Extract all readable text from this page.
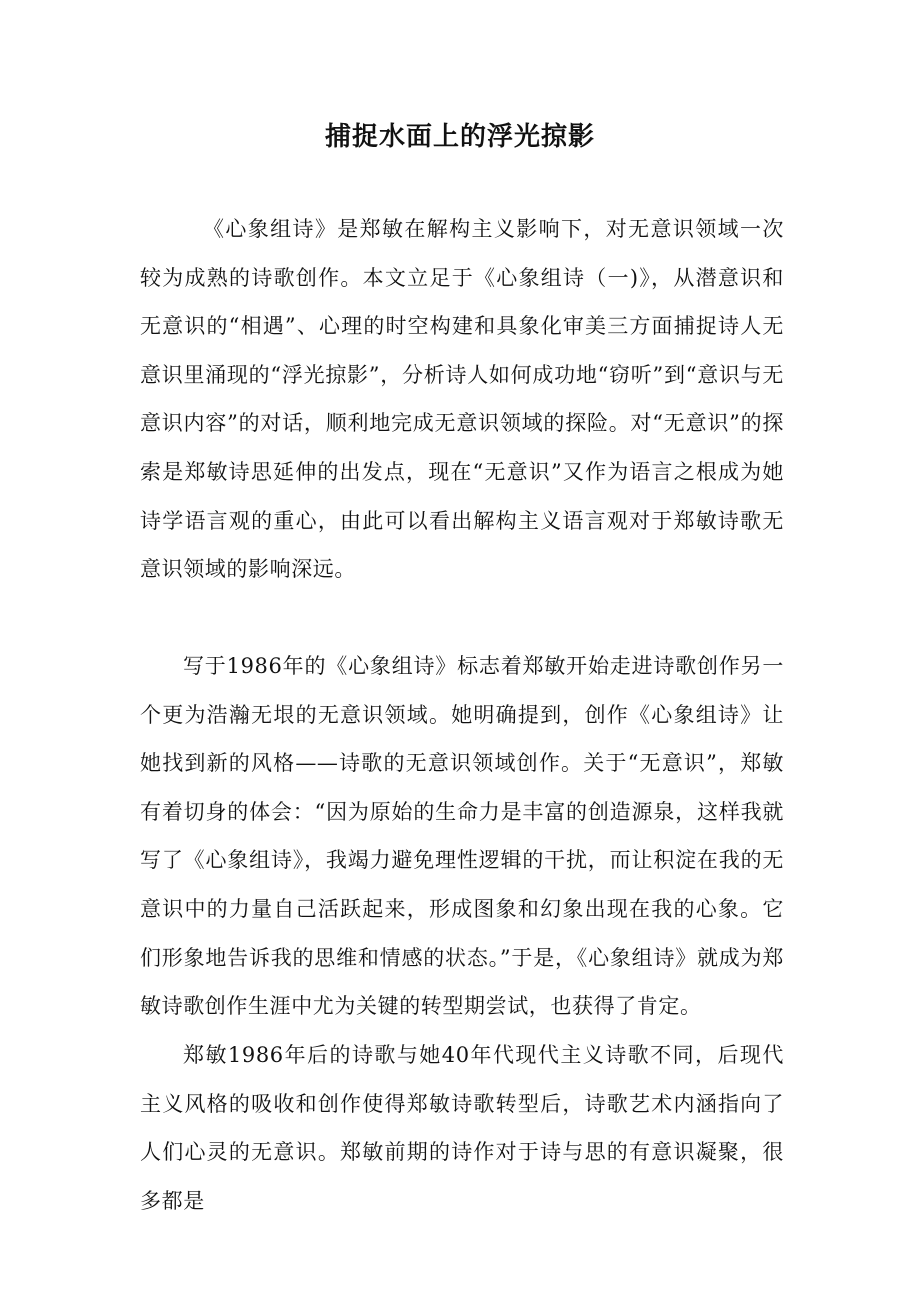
捕捉水面上的浮光掠影

《心象组诗》是郑敏在解构主义影响下，对无意识领域一次较为成熟的诗歌创作。本文立足于《心象组诗（一)》，从潜意识和无意识的“相遇”、心理的时空构建和具象化审美三方面捕捉诗人无意识里涌现的“浮光掠影”，分析诗人如何成功地“窃听”到“意识与无意识内容”的对话，顺利地完成无意识领域的探险。对“无意识”的探索是郑敏诗思延伸的出发点，现在“无意识”又作为语言之根成为她诗学语言观的重心，由此可以看出解构主义语言观对于郑敏诗歌无意识领域的影响深远。

写于1986年的《心象组诗》标志着郑敏开始走进诗歌创作另一个更为浩瀚无垠的无意识领域。她明确提到，创作《心象组诗》让她找到新的风格——诗歌的无意识领域创作。关于“无意识”，郑敏有着切身的体会：“因为原始的生命力是丰富的创造源泉，这样我就写了《心象组诗》，我竭力避免理性逻辑的干扰，而让积淀在我的无意识中的力量自己活跃起来，形成图象和幻象出现在我的心象。它们形象地告诉我的思维和情感的状态。”于是，《心象组诗》就成为郑敏诗歌创作生涯中尤为关键的转型期尝试，也获得了肯定。

郑敏1986年后的诗歌与她40年代现代主义诗歌不同，后现代主义风格的吸收和创作使得郑敏诗歌转型后，诗歌艺术内涵指向了人们心灵的无意识。郑敏前期的诗作对于诗与思的有意识凝聚，很多都是
